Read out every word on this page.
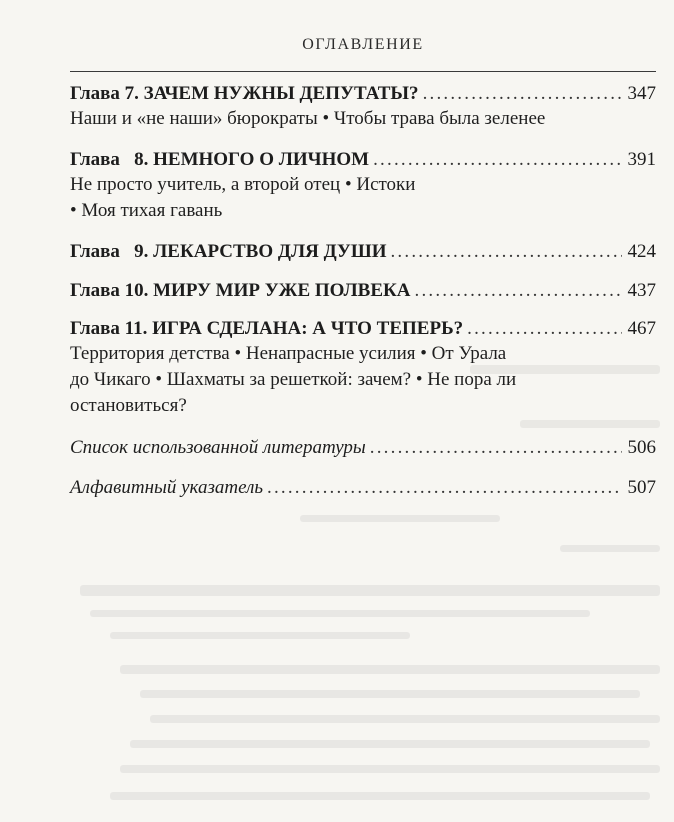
ОГЛАВЛЕНИЕ
Глава 7. ЗАЧЕМ НУЖНЫ ДЕПУТАТЫ? .....	347
Наши и «не наши» бюрократы • Чтобы трава была зеленее
Глава   8. НЕМНОГО О ЛИЧНОМ .....	391
Не просто учитель, а второй отец • Истоки
• Моя тихая гавань
Глава   9. ЛЕКАРСТВО ДЛЯ ДУШИ .....	424
Глава 10. МИРУ МИР УЖЕ ПОЛВЕКА .....	437
Глава 11. ИГРА СДЕЛАНА: А ЧТО ТЕПЕРЬ? .....	467
Территория детства • Ненапрасные усилия • От Урала
до Чикаго • Шахматы за решеткой: зачем? • Не пора ли
остановиться?
Список использованной литературы .....	506
Алфавитный указатель .....	507
